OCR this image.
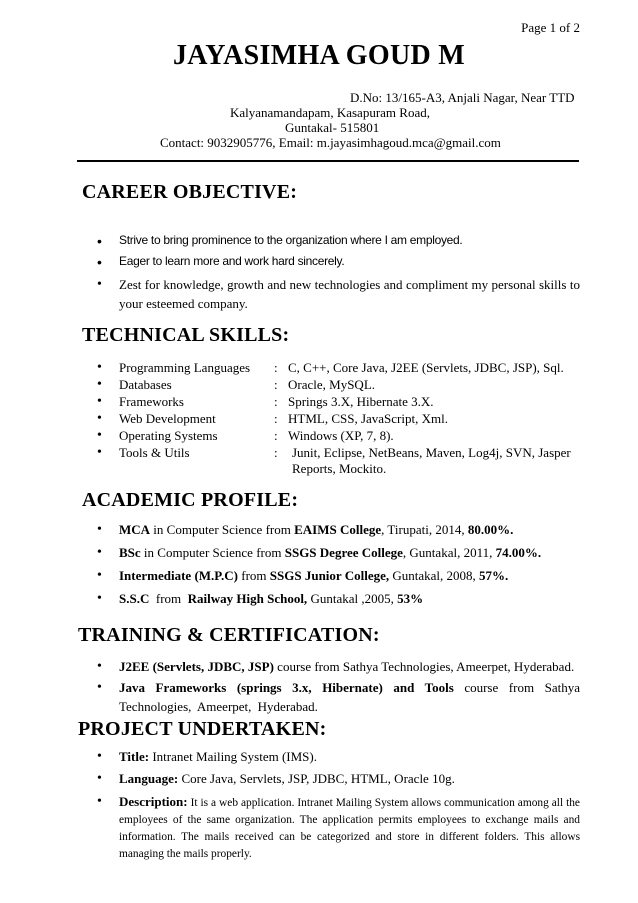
Page 1 of 2
JAYASIMHA GOUD M
D.No: 13/165-A3, Anjali Nagar, Near TTD
Kalyanamandapam, Kasapuram Road,
Guntakal- 515801
Contact: 9032905776, Email: m.jayasimhagoud.mca@gmail.com
CAREER OBJECTIVE:
• Strive to bring prominence to the organization where I am employed.
• Eager to learn more and work hard sincerely.
• Zest for knowledge, growth and new technologies and compliment my personal skills to your esteemed company.
TECHNICAL SKILLS:
• Programming Languages : C, C++, Core Java, J2EE (Servlets, JDBC, JSP), Sql.
• Databases	: Oracle, MySQL.
• Frameworks	: Springs 3.X, Hibernate 3.X.
• Web Development	: HTML, CSS, JavaScript, Xml.
• Operating Systems	: Windows (XP, 7, 8).
• Tools & Utils	: Junit, Eclipse, NetBeans, Maven, Log4j, SVN, Jasper Reports, Mockito.
ACADEMIC PROFILE:
• MCA in Computer Science from EAIMS College, Tirupati, 2014, 80.00%.
• BSc in Computer Science from SSGS Degree College, Guntakal, 2011, 74.00%.
• Intermediate (M.P.C) from SSGS Junior College, Guntakal, 2008, 57%.
• S.S.C  from  Railway High School, Guntakal ,2005, 53%
TRAINING & CERTIFICATION:
• J2EE (Servlets, JDBC, JSP) course from Sathya Technologies, Ameerpet, Hyderabad.
• Java Frameworks (springs 3.x, Hibernate) and Tools course from Sathya Technologies, Ameerpet, Hyderabad.
PROJECT UNDERTAKEN:
• Title: Intranet Mailing System (IMS).
• Language: Core Java, Servlets, JSP, JDBC, HTML, Oracle 10g.
• Description: It is a web application. Intranet Mailing System allows communication among all the employees of the same organization. The application permits employees to exchange mails and information. The mails received can be categorized and store in different folders. This allows managing the mails properly.
